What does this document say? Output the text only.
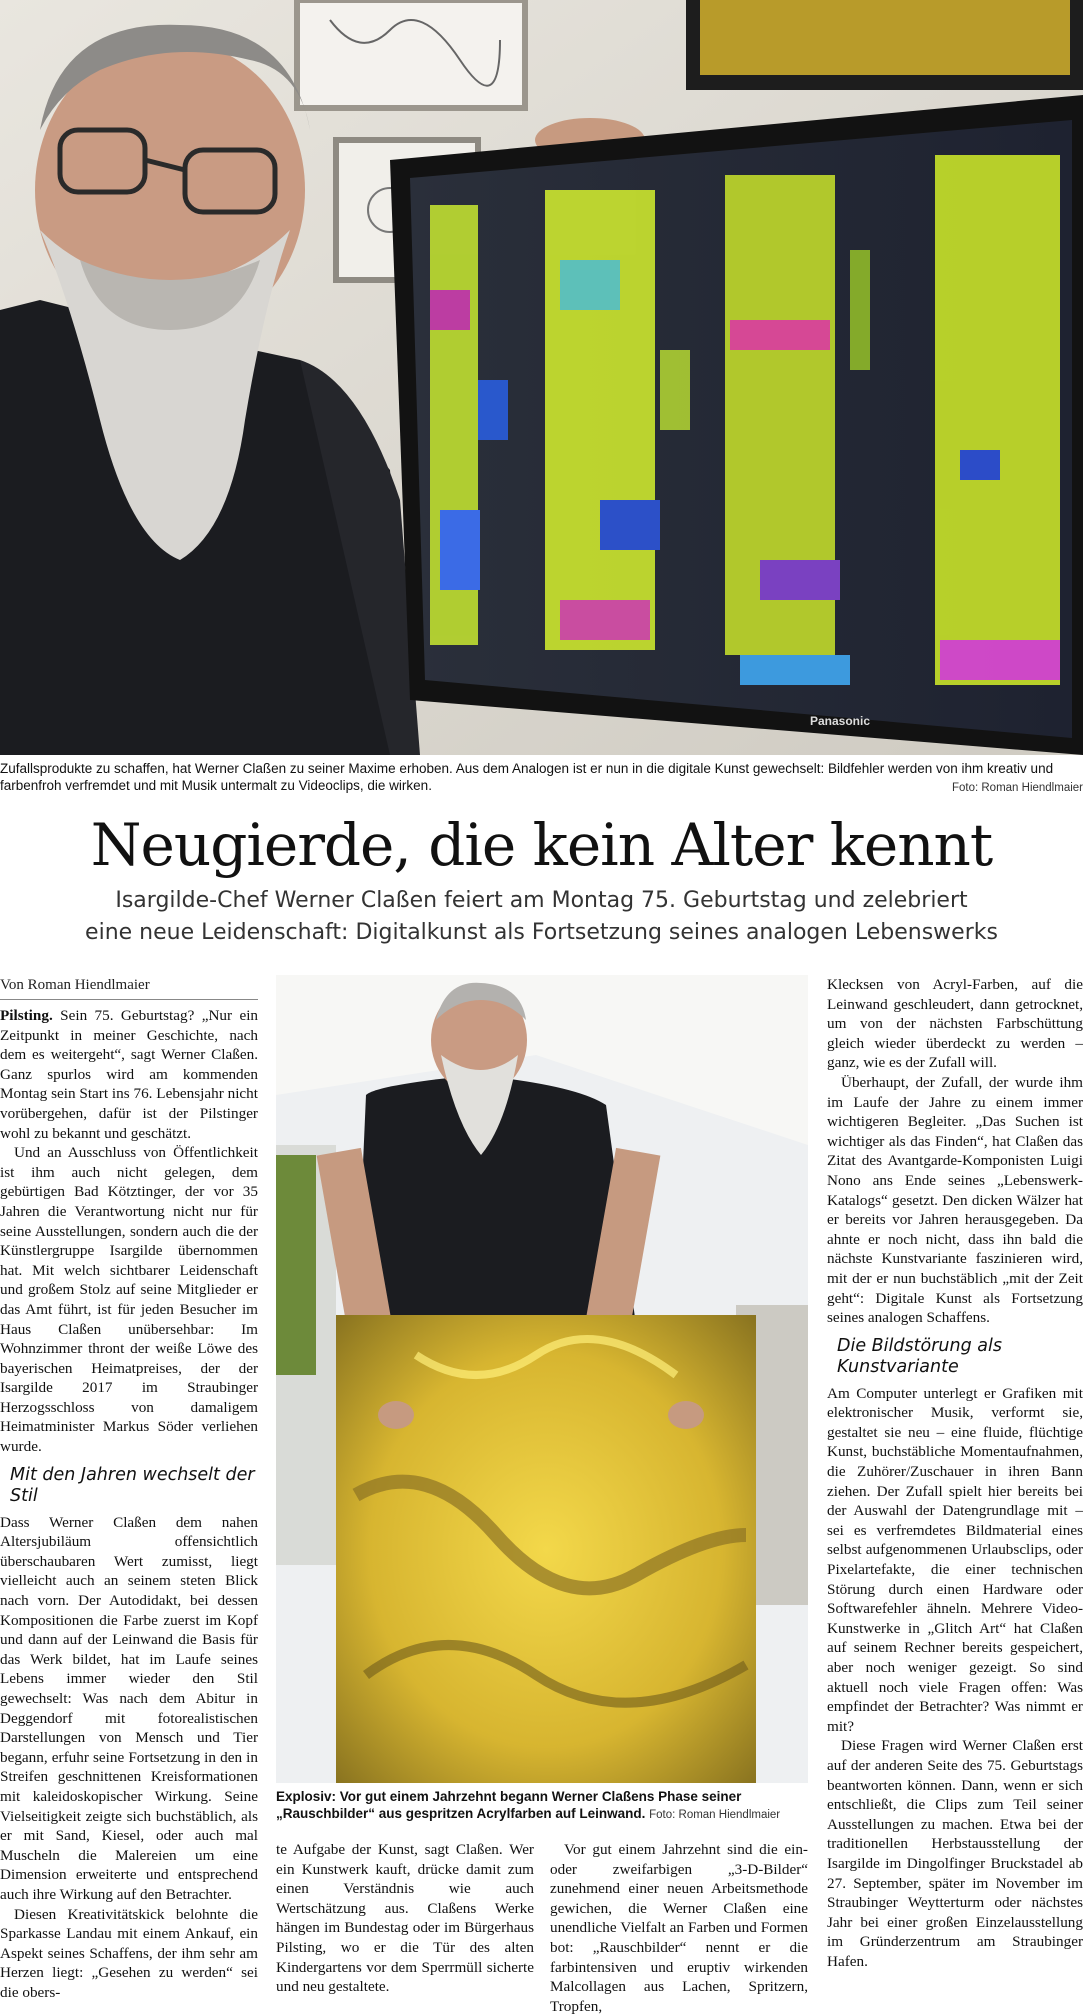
Panasonic
Zufallsprodukte zu schaffen, hat Werner Claßen zu seiner Maxime erhoben. Aus dem Analogen ist er nun in die digitale Kunst gewechselt: Bildfehler werden von ihm kreativ und farbenfroh verfremdet und mit Musik untermalt zu Videoclips, die wirken.	Foto: Roman Hiendlmaier
Neugierde, die kein Alter kennt
Isargilde-Chef Werner Claßen feiert am Montag 75. Geburtstag und zelebriert
eine neue Leidenschaft: Digitalkunst als Fortsetzung seines analogen Lebenswerks
Von Roman Hiendlmaier

Pilsting. Sein 75. Geburtstag? „Nur ein Zeitpunkt in meiner Geschichte, nach dem es weitergeht“, sagt Werner Claßen. Ganz spurlos wird am kommenden Montag sein Start ins 76. Lebensjahr nicht vorübergehen, dafür ist der Pilstinger wohl zu bekannt und geschätzt.

Und an Ausschluss von Öffentlichkeit ist ihm auch nicht gelegen, dem gebürtigen Bad Kötztinger, der vor 35 Jahren die Verantwortung nicht nur für seine Ausstellungen, sondern auch die der Künstlergruppe Isargilde übernommen hat. Mit welch sichtbarer Leidenschaft und großem Stolz auf seine Mitglieder er das Amt führt, ist für jeden Besucher im Haus Claßen unübersehbar: Im Wohnzimmer thront der weiße Löwe des bayerischen Heimatpreises, der der Isargilde 2017 im Straubinger Herzogsschloss von damaligem Heimatminister Markus Söder verliehen wurde.

Mit den Jahren wechselt der Stil

Dass Werner Claßen dem nahen Altersjubiläum offensichtlich überschaubaren Wert zumisst, liegt vielleicht auch an seinem steten Blick nach vorn. Der Autodidakt, bei dessen Kompositionen die Farbe zuerst im Kopf und dann auf der Leinwand die Basis für das Werk bildet, hat im Laufe seines Lebens immer wieder den Stil gewechselt: Was nach dem Abitur in Deggendorf mit fotorealistischen Darstellungen von Mensch und Tier begann, erfuhr seine Fortsetzung in den in Streifen geschnittenen Kreisformationen mit kaleidoskopischer Wirkung. Seine Vielseitigkeit zeigte sich buchstäblich, als er mit Sand, Kiesel, oder auch mal Muscheln die Malereien um eine Dimension erweiterte und entsprechend auch ihre Wirkung auf den Betrachter.

Diesen Kreativitätskick belohnte die Sparkasse Landau mit einem Ankauf, ein Aspekt seines Schaffens, der ihm sehr am Herzen liegt: „Gesehen zu werden“ sei die obers-

Explosiv: Vor gut einem Jahrzehnt begann Werner Claßens Phase seiner „Rauschbilder“ aus gespritzen Acrylfarben auf Leinwand. Foto: Roman Hiendlmaier

te Aufgabe der Kunst, sagt Claßen. Wer ein Kunstwerk kauft, drücke damit zum einen Verständnis wie auch Wertschätzung aus. Claßens Werke hängen im Bundestag oder im Bürgerhaus Pilsting, wo er die Tür des alten Kindergartens vor dem Sperrmüll sicherte und neu gestaltete.

Vor gut einem Jahrzehnt sind die ein- oder zweifarbigen „3-D-Bilder“ zunehmend einer neuen Arbeitsmethode gewichen, die Werner Claßen eine unendliche Vielfalt an Farben und Formen bot: „Rauschbilder“ nennt er die farbintensiven und eruptiv wirkenden Malcollagen aus Lachen, Spritzern, Tropfen,

Klecksen von Acryl-Farben, auf die Leinwand geschleudert, dann getrocknet, um von der nächsten Farbschüttung gleich wieder überdeckt zu werden – ganz, wie es der Zufall will.

Überhaupt, der Zufall, der wurde ihm im Laufe der Jahre zu einem immer wichtigeren Begleiter. „Das Suchen ist wichtiger als das Finden“, hat Claßen das Zitat des Avantgarde-Komponisten Luigi Nono ans Ende seines „Lebenswerk-Katalogs“ gesetzt. Den dicken Wälzer hat er bereits vor Jahren herausgegeben. Da ahnte er noch nicht, dass ihn bald die nächste Kunstvariante faszinieren wird, mit der er nun buchstäblich „mit der Zeit geht“: Digitale Kunst als Fortsetzung seines analogen Schaffens.

Die Bildstörung als Kunstvariante

Am Computer unterlegt er Grafiken mit elektronischer Musik, verformt sie, gestaltet sie neu – eine fluide, flüchtige Kunst, buchstäbliche Momentaufnahmen, die Zuhörer/Zuschauer in ihren Bann ziehen. Der Zufall spielt hier bereits bei der Auswahl der Datengrundlage mit – sei es verfremdetes Bildmaterial eines selbst aufgenommenen Urlaubsclips, oder Pixelartefakte, die einer technischen Störung durch einen Hardware oder Softwarefehler ähneln. Mehrere Video-Kunstwerke in „Glitch Art“ hat Claßen auf seinem Rechner bereits gespeichert, aber noch weniger gezeigt. So sind aktuell noch viele Fragen offen: Was empfindet der Betrachter? Was nimmt er mit?

Diese Fragen wird Werner Claßen erst auf der anderen Seite des 75. Geburtstags beantworten können. Dann, wenn er sich entschließt, die Clips zum Teil seiner Ausstellungen zu machen. Etwa bei der traditionellen Herbstausstellung der Isargilde im Dingolfinger Bruckstadel ab 27. September, später im November im Straubinger Weytterturm oder nächstes Jahr bei einer großen Einzelausstellung im Gründerzentrum am Straubinger Hafen.
